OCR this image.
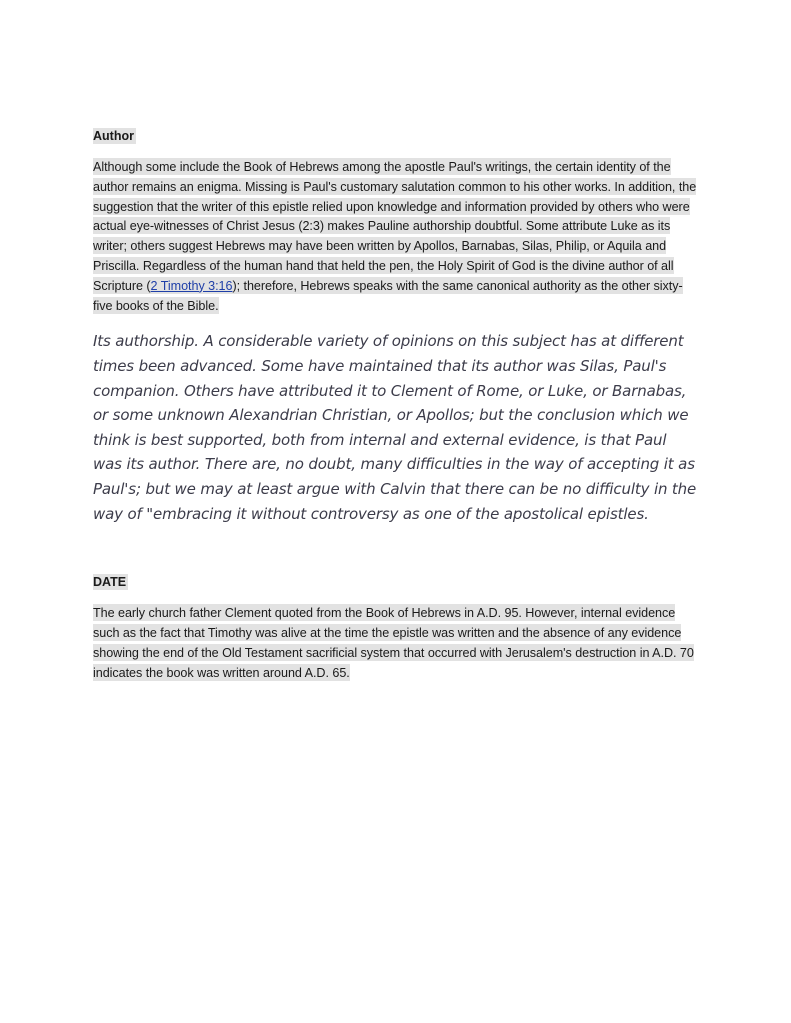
Author

Although some include the Book of Hebrews among the apostle Paul's writings, the certain identity of the author remains an enigma. Missing is Paul's customary salutation common to his other works. In addition, the suggestion that the writer of this epistle relied upon knowledge and information provided by others who were actual eye-witnesses of Christ Jesus (2:3) makes Pauline authorship doubtful. Some attribute Luke as its writer; others suggest Hebrews may have been written by Apollos, Barnabas, Silas, Philip, or Aquila and Priscilla. Regardless of the human hand that held the pen, the Holy Spirit of God is the divine author of all Scripture (2 Timothy 3:16); therefore, Hebrews speaks with the same canonical authority as the other sixty-five books of the Bible.

Its authorship. A considerable variety of opinions on this subject has at different times been advanced. Some have maintained that its author was Silas, Paul's companion. Others have attributed it to Clement of Rome, or Luke, or Barnabas, or some unknown Alexandrian Christian, or Apollos; but the conclusion which we think is best supported, both from internal and external evidence, is that Paul was its author. There are, no doubt, many difficulties in the way of accepting it as Paul's; but we may at least argue with Calvin that there can be no difficulty in the way of "embracing it without controversy as one of the apostolical epistles.

DATE

The early church father Clement quoted from the Book of Hebrews in A.D. 95. However, internal evidence such as the fact that Timothy was alive at the time the epistle was written and the absence of any evidence showing the end of the Old Testament sacrificial system that occurred with Jerusalem's destruction in A.D. 70 indicates the book was written around A.D. 65.
